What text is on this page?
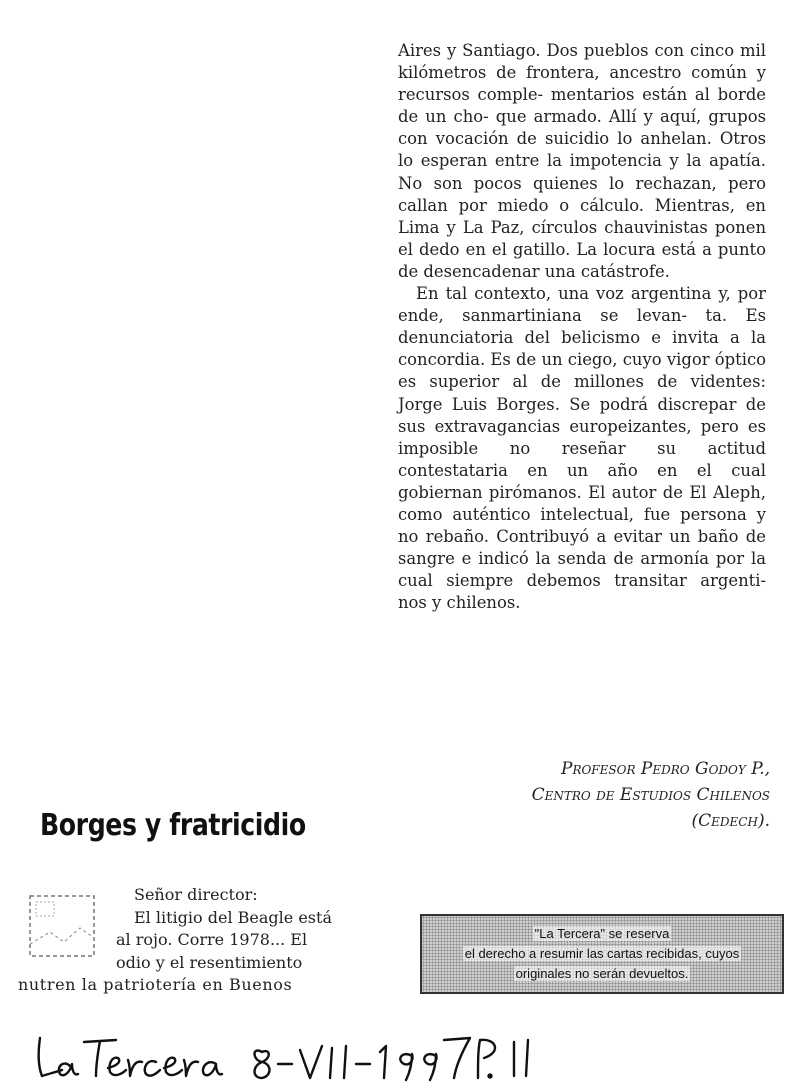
Aires y Santiago. Dos pueblos con cinco mil kilómetros de frontera, ancestro común y recursos comple- mentarios están al borde de un cho- que armado. Allí y aquí, grupos con vocación de suicidio lo anhelan. Otros lo esperan entre la impotencia y la apatía. No son pocos quienes lo rechazan, pero callan por miedo o cálculo. Mientras, en Lima y La Paz, círculos chauvinistas ponen el dedo en el gatillo. La locura está a punto de desencadenar una catástrofe.

En tal contexto, una voz argentina y, por ende, sanmartiniana se levan- ta. Es denunciatoria del belicismo e invita a la concordia. Es de un ciego, cuyo vigor óptico es superior al de millones de videntes: Jorge Luis Borges. Se podrá discrepar de sus extravagancias europeizantes, pero es imposible no reseñar su actitud contestataria en un año en el cual gobiernan pirómanos. El autor de El Aleph, como auténtico intelectual, fue persona y no rebaño. Contribuyó a evitar un baño de sangre e indicó la senda de armonía por la cual siempre debemos transitar argenti- nos y chilenos.

Profesor Pedro Godoy P.,
Centro de Estudios Chilenos
(Cedech).
Borges y fratricidio
Señor director:
El litigio del Beagle está
al rojo. Corre 1978... El
odio y el resentimiento
nutren la patriotería en Buenos
"La Tercera" se reserva
el derecho a resumir las cartas recibidas, cuyos
originales no serán devueltos.
